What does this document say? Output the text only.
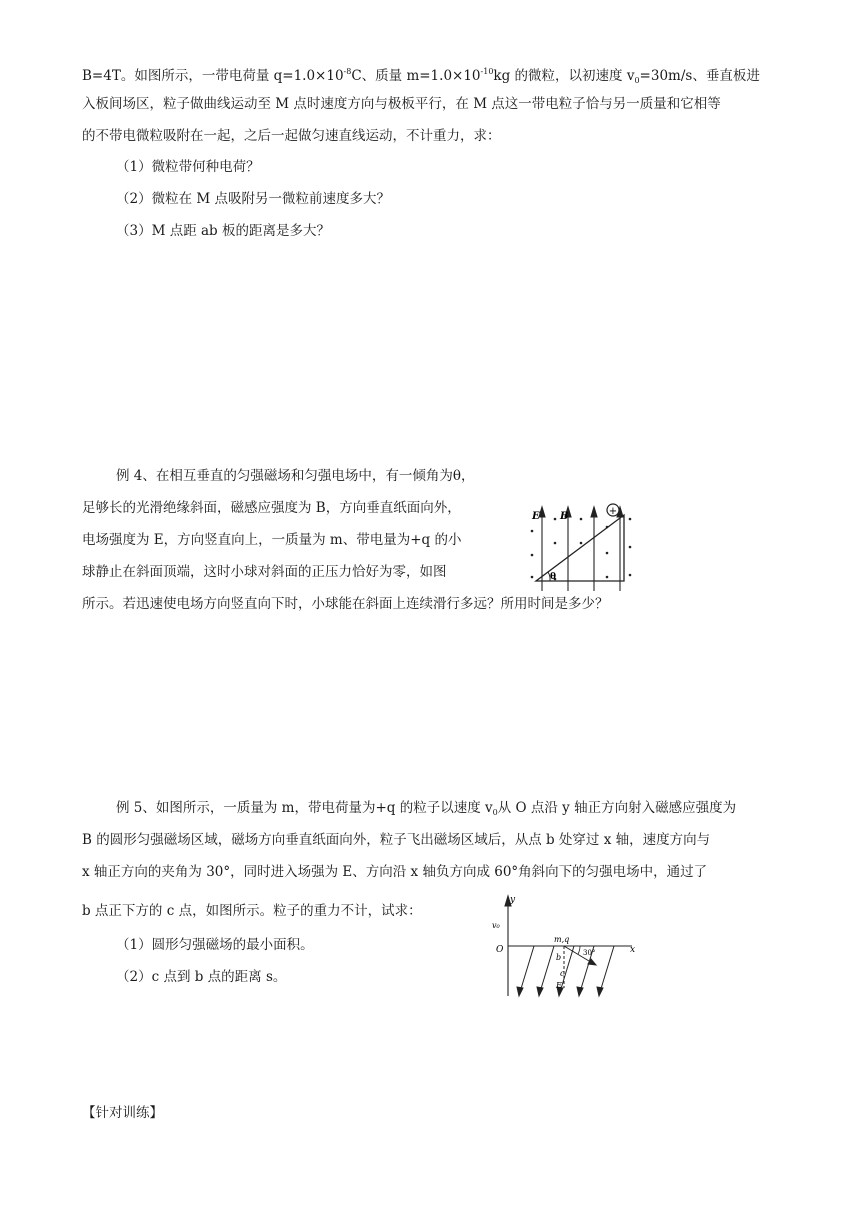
B=4T。如图所示，一带电荷量 $q=1.0\times 10^{-8}C$、质量 $m=1.0\times 10^{-10}kg$ 的微粒，以初速度 $v_0=30m/s$、垂直板进
入板间场区，粒子做曲线运动至 M 点时速度方向与极板平行，在 M 点这一带电粒子恰与另一质量和它相等
的不带电微粒吸附在一起，之后一起做匀速直线运动，不计重力，求：
（1）微粒带何种电荷？
（2）微粒在 M 点吸附另一微粒前速度多大？
（3）M 点距 ab 板的距离是多大？
例 4、在相互垂直的匀强磁场和匀强电场中，有一倾角为θ，
足够长的光滑绝缘斜面，磁感应强度为 B，方向垂直纸面向外，
电场强度为 E，方向竖直向上，一质量为 m、带电量为+q 的小
球静止在斜面顶端，这时小球对斜面的正压力恰好为零，如图
所示。若迅速使电场方向竖直向下时，小球能在斜面上连续滑行多远？所用时间是多少？
+
E B
θ
例 5、如图所示，一质量为 m，带电荷量为+q 的粒子以速度 $v_0$从 O 点沿 y 轴正方向射入磁感应强度为
B 的圆形匀强磁场区域，磁场方向垂直纸面向外，粒子飞出磁场区域后，从点 b 处穿过 x 轴，速度方向与
x 轴正方向的夹角为 30°，同时进入场强为 E、方向沿 x 轴负方向成 60°角斜向下的匀强电场中，通过了
b 点正下方的 c 点，如图所示。粒子的重力不计，试求：
（1）圆形匀强磁场的最小面积。
（2）c 点到 b 点的距离 s。
y
v₀
O
m,q
b
c
E
30°	x
【针对训练】
